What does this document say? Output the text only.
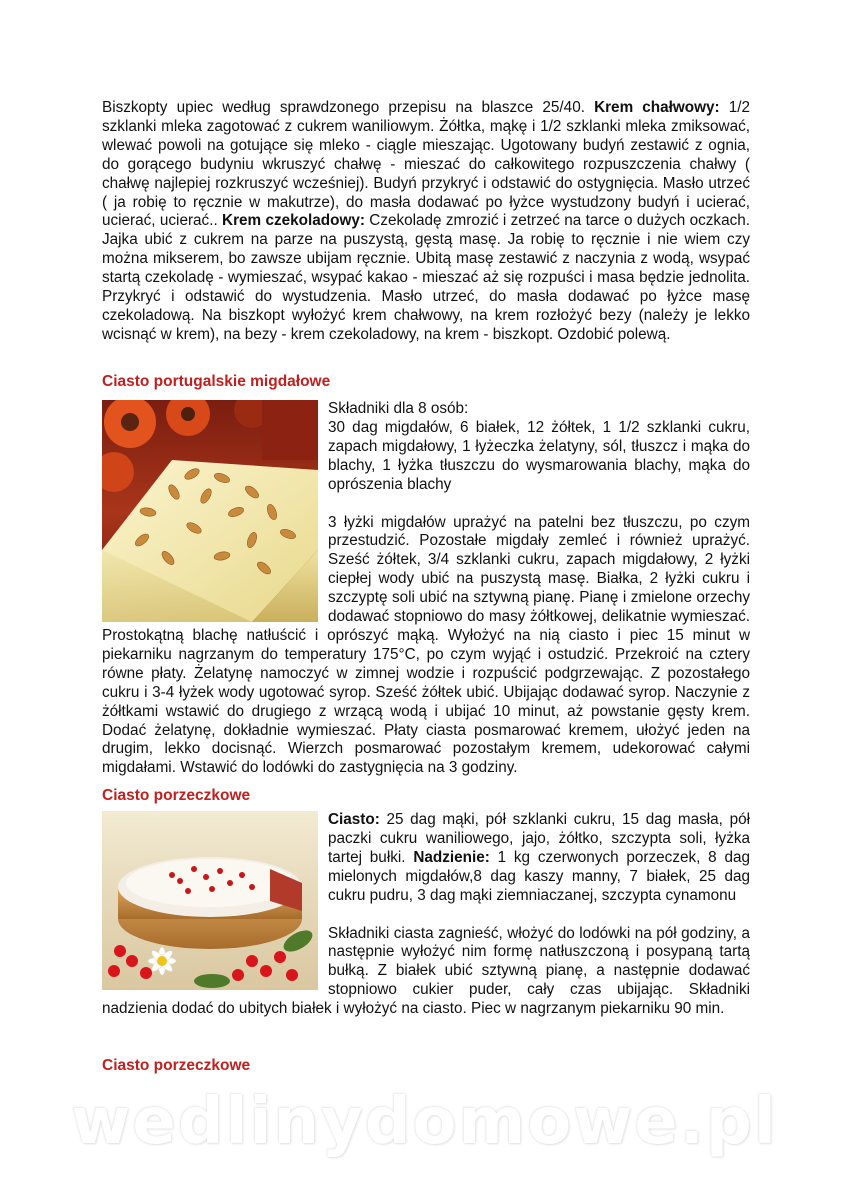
Biszkopty upiec według sprawdzonego przepisu na blaszce 25/40. Krem chałwowy: 1/2 szklanki mleka zagotować z cukrem waniliowym. Żółtka, mąkę i 1/2 szklanki mleka zmiksować, wlewać powoli na gotujące się mleko - ciągle mieszając. Ugotowany budyń zestawić z ognia, do gorącego budyniu wkruszyć chałwę - mieszać do całkowitego rozpuszczenia chałwy ( chałwę najlepiej rozkruszyć wcześniej). Budyń przykryć i odstawić do ostygnięcia. Masło utrzeć ( ja robię to ręcznie w makutrze), do masła dodawać po łyżce wystudzony budyń i ucierać, ucierać, ucierać.. Krem czekoladowy: Czekoladę zmrozić i zetrzeć na tarce o dużych oczkach. Jajka ubić z cukrem na parze na puszystą, gęstą masę. Ja robię to ręcznie i nie wiem czy można mikserem, bo zawsze ubijam ręcznie. Ubitą masę zestawić z naczynia z wodą, wsypać startą czekoladę - wymieszać, wsypać kakao - mieszać aż się rozpuści i masa będzie jednolita. Przykryć i odstawić do wystudzenia. Masło utrzeć, do masła dodawać po łyżce masę czekoladową. Na biszkopt wyłożyć krem chałwowy, na krem rozłożyć bezy (należy je lekko wcisnąć w krem), na bezy - krem czekoladowy, na krem - biszkopt. Ozdobić polewą.

Ciasto portugalskie migdałowe
Składniki dla 8 osób:
30 dag migdałów, 6 białek, 12 żółtek, 1 1/2 szklanki cukru, zapach migdałowy, 1 łyżeczka żelatyny, sól, tłuszcz i mąka do blachy, 1 łyżka tłuszczu do wysmarowania blachy, mąka do oprószenia blachy
3 łyżki migdałów uprażyć na patelni bez tłuszczu, po czym przestudzić. Pozostałe migdały zemleć i również uprażyć. Sześć żółtek, 3/4 szklanki cukru, zapach migdałowy, 2 łyżki ciepłej wody ubić na puszystą masę. Białka, 2 łyżki cukru i szczyptę soli ubić na sztywną pianę. Pianę i zmielone orzechy dodawać stopniowo do masy żółtkowej, delikatnie wymieszać. Prostokątną blachę natłuścić i oprószyć mąką. Wyłożyć na nią ciasto i piec 15 minut w piekarniku nagrzanym do temperatury 175°C, po czym wyjąć i ostudzić. Przekroić na cztery równe płaty. Żelatynę namoczyć w zimnej wodzie i rozpuścić podgrzewając. Z pozostałego cukru i 3-4 łyżek wody ugotować syrop. Sześć żółtek ubić. Ubijając dodawać syrop. Naczynie z żółtkami wstawić do drugiego z wrzącą wodą i ubijać 10 minut, aż powstanie gęsty krem. Dodać żelatynę, dokładnie wymieszać. Płaty ciasta posmarować kremem, ułożyć jeden na drugim, lekko docisnąć. Wierzch posmarować pozostałym kremem, udekorować całymi migdałami. Wstawić do lodówki do zastygnięcia na 3 godziny.
Ciasto porzeczkowe
Ciasto: 25 dag mąki, pół szklanki cukru, 15 dag masła, pół paczki cukru waniliowego, jajo, żółtko, szczypta soli, łyżka tartej bułki. Nadzienie: 1 kg czerwonych porzeczek, 8 dag mielonych migdałów,8 dag kaszy manny, 7 białek, 25 dag cukru pudru, 3 dag mąki ziemniaczanej, szczypta cynamonu
Składniki ciasta zagnieść, włożyć do lodówki na pół godziny, a następnie wyłożyć nim formę natłuszczoną i posypaną tartą bułką. Z białek ubić sztywną pianę, a następnie dodawać stopniowo cukier puder, cały czas ubijając. Składniki nadzienia dodać do ubitych białek i wyłożyć na ciasto. Piec w nagrzanym piekarniku 90 min.
Ciasto porzeczkowe
wedlinydomowe.pl
